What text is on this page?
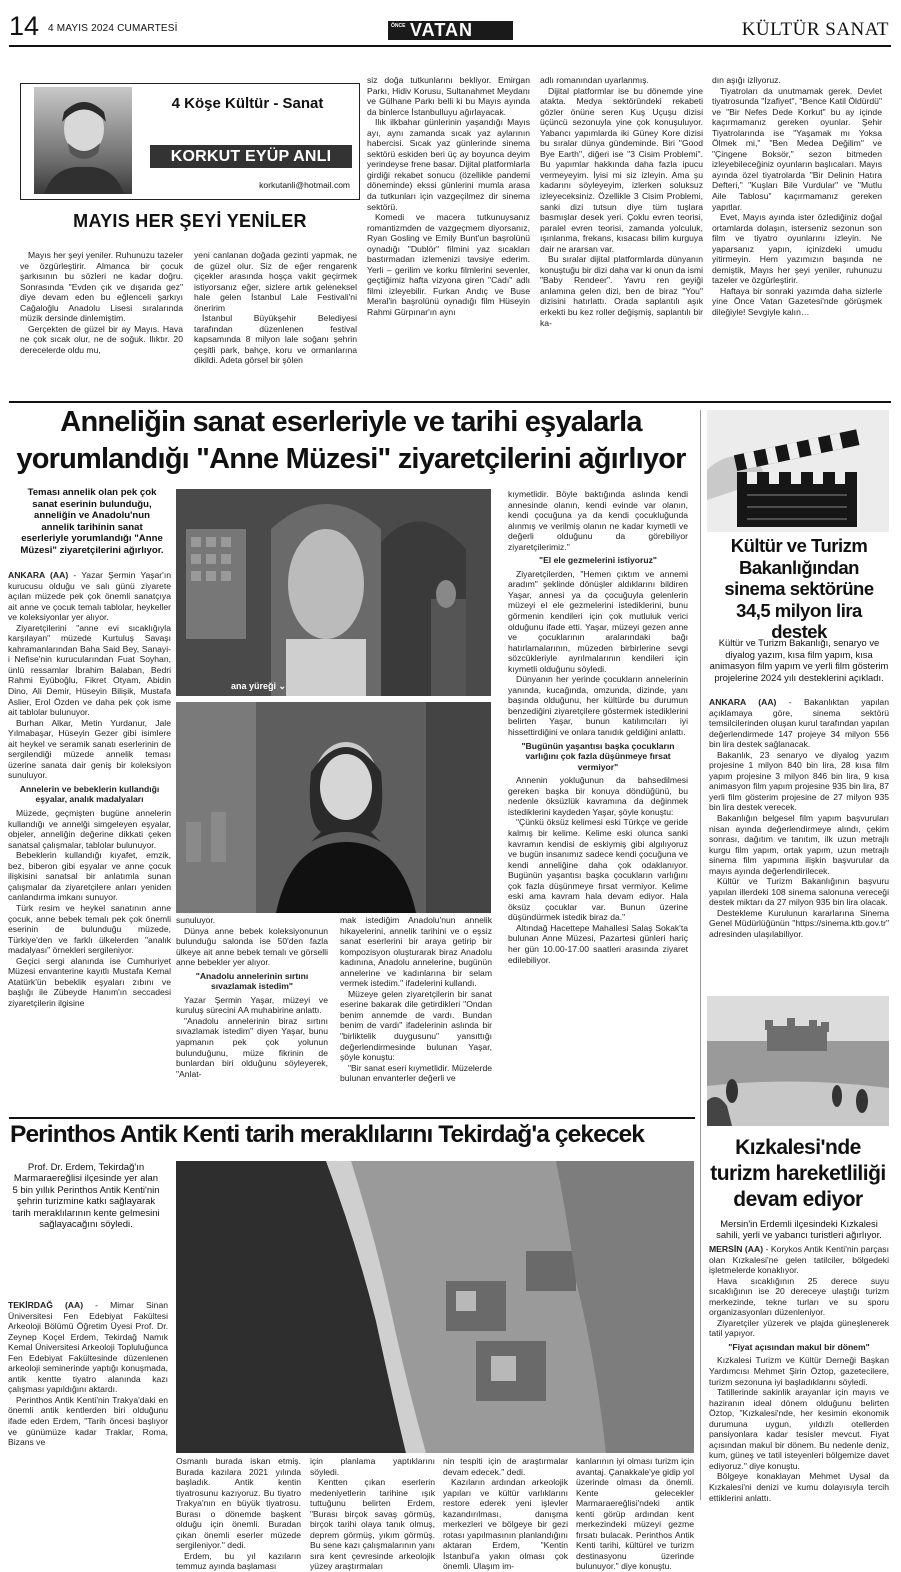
14 4 MAYIS 2024 CUMARTESİ	ÖNCE VATAN	KÜLTÜR SANAT
4 Köşe Kültür - Sanat
KORKUT EYÜP ANLI
korkutanli@hotmail.com
MAYIS HER ŞEYİ YENİLER

Mayıs her şeyi yeniler. Ruhunuzu tazeler ve özgürleştirir. Almanca bir çocuk şarkısının bu sözleri ne kadar doğru. Sonrasında "Evden çık ve dışarıda gez" diye devam eden bu eğlenceli şarkıyı Cağaloğlu Anadolu Lisesi sıralarında müzik dersinde dinlemiştim.

Gerçekten de güzel bir ay Mayıs. Hava ne çok sıcak olur, ne de soğuk. Ilıktır. 20 derecelerde oldu mu,

yeni canlanan doğada gezinti yapmak, ne de güzel olur. Siz de eğer rengarenk çiçekler arasında hoşça vakit geçirmek istiyorsanız eğer, sizlere artık geleneksel hale gelen İstanbul Lale Festivali'ni öneririm

İstanbul Büyükşehir Belediyesi tarafından düzenlenen festival kapsamında 8 milyon lale soğanı şehrin çeşitli park, bahçe, koru ve ormanlarına dikildi. Adeta görsel bir şölen

siz doğa tutkunlarını bekliyor. Emirgan Parkı, Hidiv Korusu, Sultanahmet Meydanı ve Gülhane Parkı belli ki bu Mayıs ayında da binlerce İstanbulluyu ağırlayacak.

Ilık ilkbahar günlerinin yaşandığı Mayıs ayı, aynı zamanda sıcak yaz aylarının habercisi. Sıcak yaz günlerinde sinema sektörü eskiden beri üç ay boyunca deyim yerindeyse frene basar. Dijital platformlarla girdiği rekabet sonucu (özellikle pandemi döneminde) ekssi günlerini mumla arasa da tutkunları için vazgeçilmez dir sinema sektörü.

Komedi ve macera tutkunuysanız romantizmden de vazgeçmem diyorsanız, Ryan Gosling ve Emily Bunt'un başrolünü oynadığı "Dublör" filmini yaz sıcakları bastırmadan izlemenizi tavsiye ederim. Yerli – gerilim ve korku filmlerini sevenler, geçtiğimiz hafta vizyona giren "Cadı" adlı filmi izleyebilir. Furkan Andıç ve Buse Meral'in başrolünü oynadığı film Hüseyin Rahmi Gürpınar'ın aynı

adlı romanından uyarlanmış.

Dijital platformlar ise bu dönemde yine atakta. Medya sektöründeki rekabeti gözler önüne seren Kuş Uçuşu dizisi üçüncü sezonuyla yine çok konuşuluyor. Yabancı yapımlarda iki Güney Kore dizisi bu sıralar dünya gündeminde. Biri "Good Bye Earth", diğeri ise "3 Cisim Problemi". Bu yapımlar hakkında daha fazla ipucu vermeyeyim. İyisi mi siz izleyin. Ama şu kadarını söyleyeyim, izlerken soluksuz izleyeceksiniz. Özellikle 3 Cisim Problemi, sanki dizi tutsun diye tüm tuşlara basmışlar desek yeri. Çoklu evren teorisi, paralel evren teorisi, zamanda yolculuk, ışınlanma, frekans, kısacası bilim kurguya dair ne ararsan var.

Bu sıralar dijital platformlarda dünyanın konuştuğu bir dizi daha var ki onun da ismi "Baby Rendeer". Yavru ren geyiği anlamına gelen dizi, ben de biraz "You" dizisini hatırlattı. Orada saplantılı aşık erkekti bu kez roller değişmiş, saplantılı bir ka-

dın aşığı izliyoruz.

Tiyatroları da unutmamak gerek. Devlet tiyatrosunda "İzafiyet", "Bence Katil Öldürdü" ve "Bir Nefes Dede Korkut" bu ay içinde kaçırmamanız gereken oyunlar. Şehir Tiyatrolarında ise "Yaşamak mı Yoksa Ölmek mi," "Ben Medea Değilim" ve "Çingene Boksör," sezon bitmeden izleyebileceğiniz oyunların başlıcaları. Mayıs ayında özel tiyatrolarda "Bir Delinin Hatıra Defteri," "Kuşları Bile Vurdular" ve "Mutlu Aile Tablosu" kaçırmamanız gereken yapıtlar.

Evet, Mayıs ayında ister özlediğiniz doğal ortamlarda dolaşın, isterseniz sezonun son film ve tiyatro oyunlarını izleyin. Ne yaparsanız yapın, içinizdeki umudu yitirmeyin. Hem yazımızın başında ne demiştik, Mayıs her şeyi yeniler, ruhunuzu tazeler ve özgürleştirir.

Haftaya bir sonraki yazımda daha sizlerle yine Önce Vatan Gazetesi'nde görüşmek dileğiyle! Sevgiyle kalın…

Anneliğin sanat eserleriyle ve tarihi eşyalarla
yorumlandığı "Anne Müzesi" ziyaretçilerini ağırlıyor
Teması annelik olan pek çok sanat eserinin bulunduğu, anneliğin ve Anadolu'nun annelik tarihinin sanat eserleriyle yorumlandığı "Anne Müzesi" ziyaretçilerini ağırlıyor.

ANKARA (AA) - Yazar Şermin Yaşar'ın kurucusu olduğu ve salı günü ziyarete açılan müzede pek çok önemli sanatçıya ait anne ve çocuk temalı tablolar, heykeller ve koleksiyonlar yer alıyor.

Ziyaretçilerini "anne evi sıcaklığıyla karşılayan" müzede Kurtuluş Savaşı kahramanlarından Baha Said Bey, Sanayi-i Nefise'nin kurucularından Fuat Soyhan, ünlü ressamlar İbrahim Balaban, Bedri Rahmi Eyüboğlu, Fikret Otyam, Abidin Dino, Ali Demir, Hüseyin Bilişik, Mustafa Aslier, Erol Özden ve daha pek çok isme ait tablolar bulunuyor.

Burhan Alkar, Metin Yurdanur, Jale Yılmabaşar, Hüseyin Gezer gibi isimlere ait heykel ve seramik sanatı eserlerinin de sergilendiği müzede annelik teması üzerine sanata dair geniş bir koleksiyon sunuluyor.

Annelerin ve bebeklerin kullandığı eşyalar, analık madalyaları

Müzede, geçmişten bugüne annelerin kullandığı ve annelği simgeleyen eşyalar, objeler, anneliğin değerine dikkati çeken sanatsal çalışmalar, tablolar bulunuyor.

Bebeklerin kullandığı kıyafet, emzik, bez, biberon gibi eşyalar ve anne çocuk ilişkisini sanatsal bir anlatımla sunan çalışmalar da ziyaretçilere anları yeniden canlandırma imkanı sunuyor.

Türk resim ve heykel sanatının anne çocuk, anne bebek temalı pek çok önemli eserinin de bulunduğu müzede, Türkiye'den ve farklı ülkelerden "analık madalyası" örnekleri sergileniyor.

Geçici sergi alanında ise Cumhuriyet Müzesi envanterine kayıtlı Mustafa Kemal Atatürk'ün bebeklik eşyaları zıbını ve başlığı ile Zübeyde Hanım'ın seccadesi ziyaretçilerin ilgisine

ana yüreği ⌄

sunuluyor.

Dünya anne bebek koleksiyonunun bulunduğu salonda ise 50'den fazla ülkeye ait anne bebek temalı ve görselli anne bebekler yer alıyor.

"Anadolu annelerinin sırtını sıvazlamak istedim"

Yazar Şermin Yaşar, müzeyi ve kuruluş sürecini AA muhabirine anlattı.

"Anadolu annelerinin biraz sırtını sıvazlamak istedim" diyen Yaşar, bunu yapmanın pek çok yolunun bulunduğunu, müze fikrinin de bunlardan biri olduğunu söyleyerek, "Anlat-

mak istediğim Anadolu'nun annelik hikayelerini, annelik tarihini ve o eşsiz sanat eserlerini bir araya getirip bir kompozisyon oluşturarak biraz Anadolu kadınına, Anadolu annelerine, bugünün annelerine ve kadınlarına bir selam vermek istedim." ifadelerini kullandı.

Müzeye gelen ziyaretçilerin bir sanat eserine bakarak dile getirdikleri "Ondan benim annemde de vardı. Bundan benim de vardı" ifadelerinin aslında bir "birliktelik duygusunu" yansıttığı değerlendirmesinde bulunan Yaşar, şöyle konuştu:

"Bir sanat eseri kıymetlidir. Müzelerde bulunan envanterler değerli ve

kıymetlidir. Böyle baktığında aslında kendi annesinde olanın, kendi evinde var olanın, kendi çocuğuna ya da kendi çocukluğunda alınmış ve verilmiş olanın ne kadar kıymetli ve değerli olduğunu da görebiliyor ziyaretçilerimiz."

"El ele gezmelerini istiyoruz"

Ziyaretçilerden, "Hemen çıktım ve annemi aradım" şeklinde dönüşler aldıklarını bildiren Yaşar, annesi ya da çocuğuyla gelenlerin müzeyi el ele gezmelerini istediklerini, bunu görmenin kendileri için çok mutluluk verici olduğunu ifade etti. Yaşar, müzeyi gezen anne ve çocuklarının aralarındaki bağı hatırlamalarının, müzeden birbirlerine sevgi sözcükleriyle ayrılmalarının kendileri için kıymetli olduğunu söyledi.

Dünyanın her yerinde çocukların annelerinin yanında, kucağında, omzunda, dizinde, yanı başında olduğunu, her kültürde bu durumun benzediğini ziyaretçilere göstermek istediklerini belirten Yaşar, bunun katılımcıları iyi hissettirdiğini ve onlara tanıdık geldiğini anlattı.

"Bugünün yaşantısı başka çocukların varlığını çok fazla düşünmeye fırsat vermiyor"

Annenin yokluğunun da bahsedilmesi gereken başka bir konuya döndüğünü, bu nedenle öksüzlük kavramına da değinmek istediklerini kaydeden Yaşar, şöyle konuştu:

"Çünkü öksüz kelimesi eski Türkçe ve geride kalmış bir kelime. Kelime eski olunca sanki kavramın kendisi de eskiymiş gibi algılıyoruz ve bugün insanımız sadece kendi çocuğuna ve kendi anneliğine daha çok odaklanıyor. Bugünün yaşantısı başka çocukların varlığını çok fazla düşünmeye fırsat vermiyor. Kelime eski ama kavram hala devam ediyor. Hala öksüz çocuklar var. Bunun üzerine düşündürmek istedik biraz da."

Altındağ Hacettepe Mahallesi Salaş Sokak'ta bulunan Anne Müzesi, Pazartesi günleri hariç her gün 10.00-17.00 saatleri arasında ziyaret edilebiliyor.

Perinthos Antik Kenti tarih meraklılarını Tekirdağ'a çekecek
Prof. Dr. Erdem, Tekirdağ'ın Marmaraereğlisi ilçesinde yer alan 5 bin yıllık Perinthos Antik Kenti'nin şehrin turizmine katkı sağlayarak tarih meraklılarının kente gelmesini sağlayacağını söyledi.

TEKİRDAĞ (AA) - Mimar Sinan Üniversitesi Fen Edebiyat Fakültesi Arkeoloji Bölümü Öğretim Üyesi Prof. Dr. Zeynep Koçel Erdem, Tekirdağ Namık Kemal Üniversitesi Arkeoloji Topluluğunca Fen Edebiyat Fakültesinde düzenlenen arkeoloji seminerinde yaptığı konuşmada, antik kentte tiyatro alanında kazı çalışması yapıldığını aktardı.

Perinthos Antik Kenti'nin Trakya'daki en önemli antik kentlerden biri olduğunu ifade eden Erdem, "Tarih öncesi başlıyor ve günümüze kadar Traklar, Roma, Bizans ve

Osmanlı burada iskan etmiş. Burada kazılara 2021 yılında başladık. Antik kentin tiyatrosunu kazıyoruz. Bu tiyatro Trakya'nın en büyük tiyatrosu. Burası o dönemde başkent olduğu için önemli. Buradan çıkan önemli eserler müzede sergileniyor." dedi.

Erdem, bu yıl kazıların temmuz ayında başlaması

için planlama yaptıklarını söyledi.

Kentten çıkan eserlerin medeniyetlerin tarihine ışık tuttuğunu belirten Erdem, "Burası birçok savaş görmüş, birçok tarihi olaya tanık olmuş, deprem görmüş, yıkım görmüş. Bu sene kazı çalışmalarının yanı sıra kent çevresinde arkeolojik yüzey araştırmaları

nin tespiti için de araştırmalar devam edecek." dedi.

Kazıların ardından arkeolojik yapıları ve kültür varlıklarını restore ederek yeni işlevler kazandırılması, danışma merkezleri ve bölgeye bir gezi rotası yapılmasının planlandığını aktaran Erdem, "Kentin İstanbul'a yakın olması çok önemli. Ulaşım im-

kanlarının iyi olması turizm için avantaj. Çanakkale'ye gidip yol üzerinde olması da önemli. Kente gelecekler Marmaraereğlisi'ndeki antik kenti görüp ardından kent merkezindeki müzeyi gezme fırsatı bulacak. Perinthos Antik Kenti tarihi, kültürel ve turizm destinasyonu üzerinde bulunuyor." diye konuştu.

Kültür ve Turizm Bakanlığından sinema sektörüne 34,5 milyon lira destek
Kültür ve Turizm Bakanlığı, senaryo ve diyalog yazım, kısa film yapım, kısa animasyon film yapım ve yerli film gösterim projelerine 2024 yılı desteklerini açıkladı.

ANKARA (AA) - Bakanlıktan yapılan açıklamaya göre, sinema sektörü temsilcilerinden oluşan kurul tarafından yapılan değerlendirmede 147 projeye 34 milyon 556 bin lira destek sağlanacak.

Bakanlık, 23 senaryo ve diyalog yazım projesine 1 milyon 840 bin lira, 28 kısa film yapım projesine 3 milyon 846 bin lira, 9 kısa animasyon film yapım projesine 935 bin lira, 87 yerli film gösterim projesine de 27 milyon 935 bin lira destek verecek.

Bakanlığın belgesel film yapım başvuruları nisan ayında değerlendirmeye alındı, çekim sonrası, dağıtım ve tanıtım, ilk uzun metrajlı kurgu film yapım, ortak yapım, uzun metrajlı sinema film yapımına ilişkin başvurular da mayıs ayında değerlendirilecek.

Kültür ve Turizm Bakanlığının başvuru yapılan illerdeki 108 sinema salonuna vereceği destek miktarı da 27 milyon 935 bin lira olacak.

Destekleme Kurulunun kararlarına Sinema Genel Müdürlüğünün "https://sinema.ktb.gov.tr" adresinden ulaşılabiliyor.

Kızkalesi'nde turizm hareketliliği devam ediyor
Mersin'in Erdemli ilçesindeki Kızkalesi sahili, yerli ve yabancı turistleri ağırlıyor.

MERSİN (AA) - Korykos Antik Kenti'nin parçası olan Kızkalesi'ne gelen tatilciler, bölgedeki işletmelerde konaklıyor.

Hava sıcaklığının 25 derece suyu sıcaklığının ise 20 dereceye ulaştığı turizm merkezinde, tekne turları ve su sporu organizasyonları düzenleniyor.

Ziyaretçiler yüzerek ve plajda güneşlenerek tatil yapıyor.

"Fiyat açısından makul bir dönem"

Kızkalesi Turizm ve Kültür Derneği Başkan Yardımcısı Mehmet Şirin Öztop, gazetecilere, turizm sezonuna iyi başladıklarını söyledi.

Tatillerinde sakinlik arayanlar için mayıs ve haziranın ideal dönem olduğunu belirten Öztop, "Kızkalesi'nde, her kesimin ekonomik durumuna uygun, yıldızlı otellerden pansiyonlara kadar tesisler mevcut. Fiyat açısından makul bir dönem. Bu nedenle deniz, kum, güneş ve tatil isteyenleri bölgemize davet ediyoruz." diye konuştu.

Bölgeye konaklayan Mehmet Uysal da Kızkalesi'ni denizi ve kumu dolayısıyla tercih ettiklerini anlattı.
